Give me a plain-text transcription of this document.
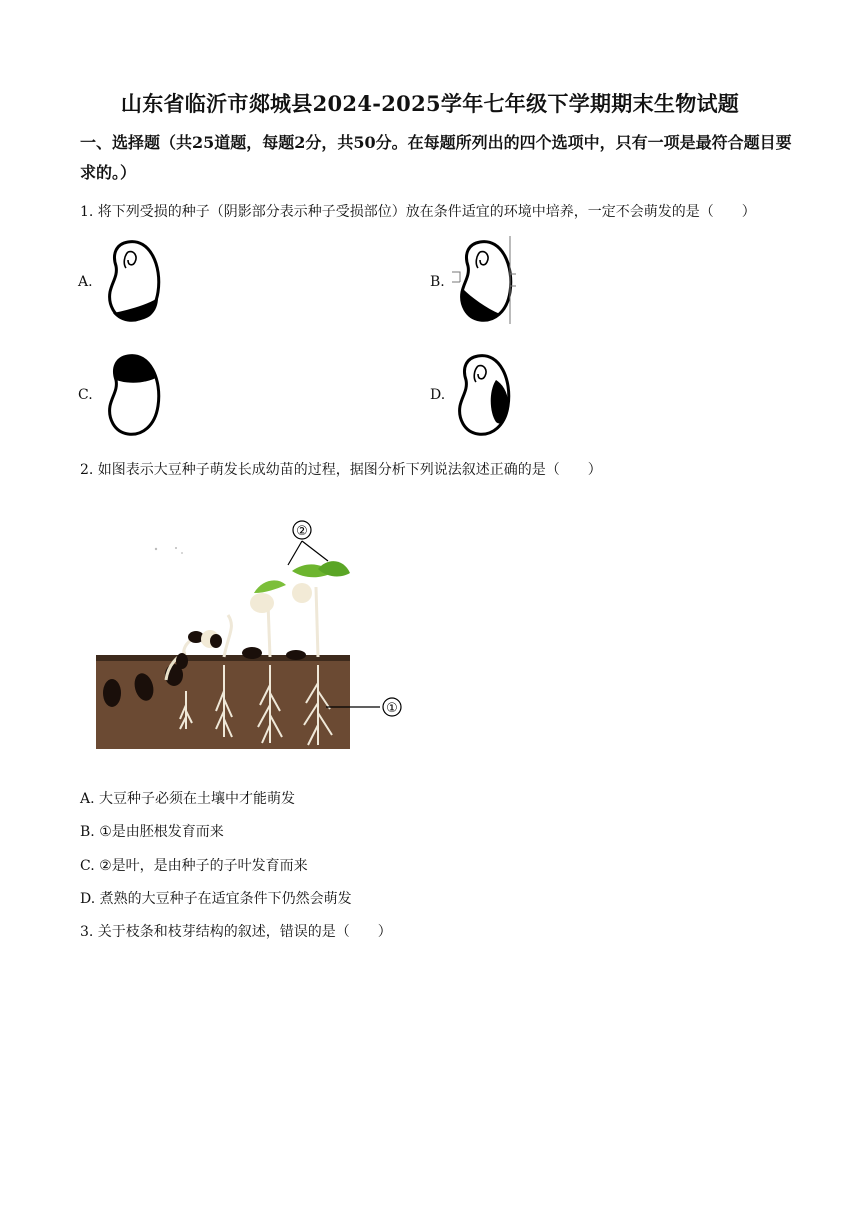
山东省临沂市郯城县2024-2025学年七年级下学期期末生物试题
一、选择题（共25道题，每题2分，共50分。在每题所列出的四个选项中，只有一项是最符合题目要求的。）
1. 将下列受损的种子（阴影部分表示种子受损部位）放在条件适宜的环境中培养，一定不会萌发的是（　　）
A.	B.
C.	D.
2. 如图表示大豆种子萌发长成幼苗的过程，据图分析下列说法叙述正确的是（　　）
②
①
A. 大豆种子必须在土壤中才能萌发
B. ①是由胚根发育而来
C. ②是叶，是由种子的子叶发育而来
D. 煮熟的大豆种子在适宜条件下仍然会萌发
3. 关于枝条和枝芽结构的叙述，错误的是（　　）
